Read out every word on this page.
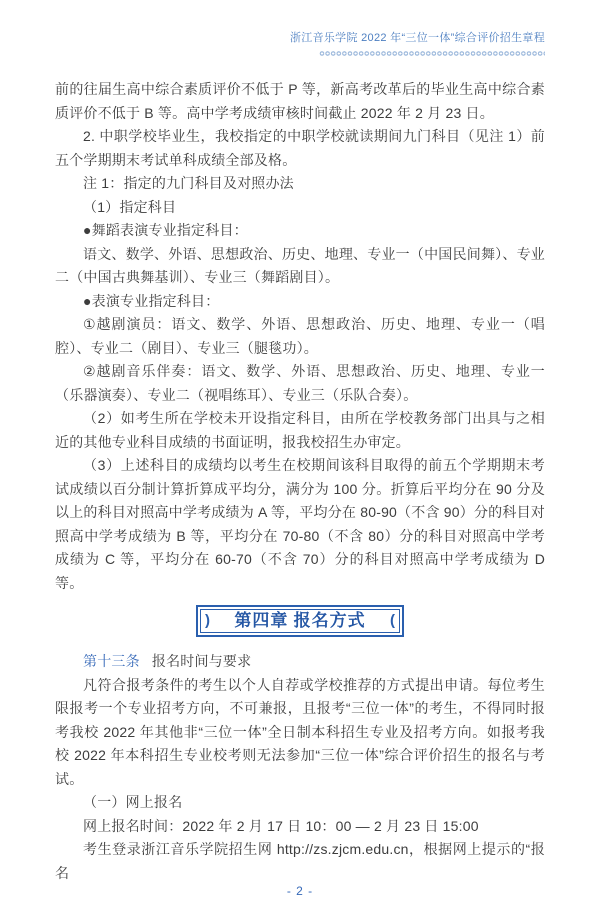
浙江音乐学院 2022 年“三位一体”综合评价招生章程

前的往届生高中综合素质评价不低于 P 等，新高考改革后的毕业生高中综合素质评价不低于 B 等。高中学考成绩审核时间截止 2022 年 2 月 23 日。

2. 中职学校毕业生，我校指定的中职学校就读期间九门科目（见注 1）前五个学期期末考试单科成绩全部及格。

注 1：指定的九门科目及对照办法

（1）指定科目

●舞蹈表演专业指定科目：

语文、数学、外语、思想政治、历史、地理、专业一（中国民间舞）、专业二（中国古典舞基训）、专业三（舞蹈剧目）。

●表演专业指定科目：

①越剧演员：语文、数学、外语、思想政治、历史、地理、专业一（唱腔）、专业二（剧目）、专业三（腿毯功）。

②越剧音乐伴奏：语文、数学、外语、思想政治、历史、地理、专业一（乐器演奏）、专业二（视唱练耳）、专业三（乐队合奏）。

（2）如考生所在学校未开设指定科目，由所在学校教务部门出具与之相近的其他专业科目成绩的书面证明，报我校招生办审定。

（3）上述科目的成绩均以考生在校期间该科目取得的前五个学期期末考试成绩以百分制计算折算成平均分，满分为 100 分。折算后平均分在 90 分及以上的科目对照高中学考成绩为 A 等，平均分在 80-90（不含 90）分的科目对照高中学考成绩为 B 等，平均分在 70-80（不含 80）分的科目对照高中学考成绩为 C 等，平均分在 60-70（不含 70）分的科目对照高中学考成绩为 D 等。

) 第四章 报名方式 (

第十三条 报名时间与要求

凡符合报考条件的考生以个人自荐或学校推荐的方式提出申请。每位考生限报考一个专业招考方向，不可兼报，且报考“三位一体”的考生，不得同时报考我校 2022 年其他非“三位一体”全日制本科招生专业及招考方向。如报考我校 2022 年本科招生专业校考则无法参加“三位一体”综合评价招生的报名与考试。

（一）网上报名

网上报名时间：2022 年 2 月 17 日 10：00 — 2 月 23 日 15:00

考生登录浙江音乐学院招生网 http://zs.zjcm.edu.cn，根据网上提示的“报名

- 2 -
